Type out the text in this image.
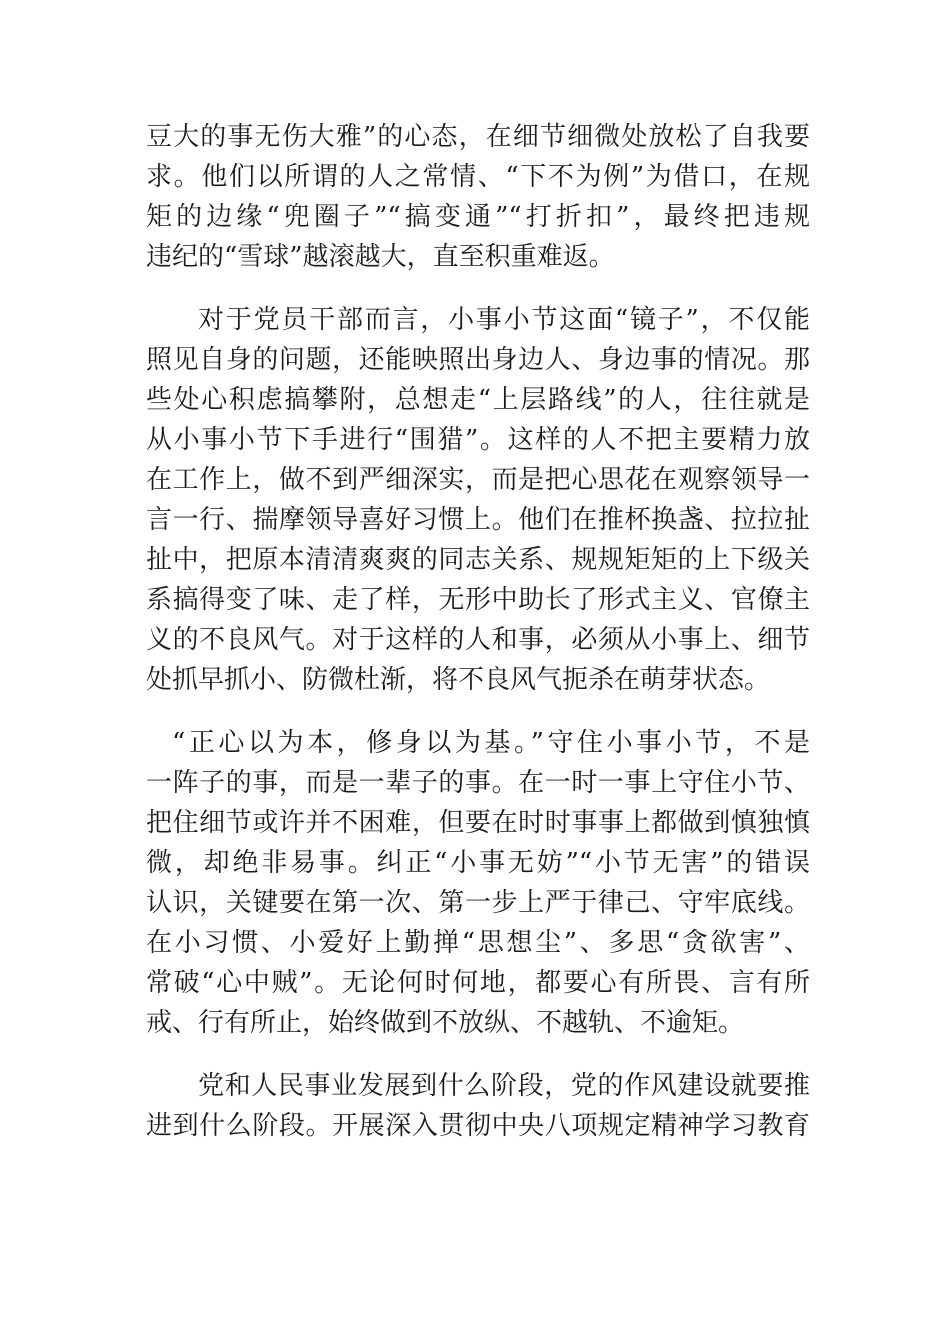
豆大的事无伤大雅”的心态，在细节细微处放松了自我要
求。他们以所谓的人之常情、“下不为例”为借口，在规
矩的边缘“兜圈子”“搞变通”“打折扣”，最终把违规
违纪的“雪球”越滚越大，直至积重难返。
对于党员干部而言，小事小节这面“镜子”，不仅能
照见自身的问题，还能映照出身边人、身边事的情况。那
些处心积虑搞攀附，总想走“上层路线”的人，往往就是
从小事小节下手进行“围猎”。这样的人不把主要精力放
在工作上，做不到严细深实，而是把心思花在观察领导一
言一行、揣摩领导喜好习惯上。他们在推杯换盏、拉拉扯
扯中，把原本清清爽爽的同志关系、规规矩矩的上下级关
系搞得变了味、走了样，无形中助长了形式主义、官僚主
义的不良风气。对于这样的人和事，必须从小事上、细节
处抓早抓小、防微杜渐，将不良风气扼杀在萌芽状态。
“正心以为本，修身以为基。”守住小事小节，不是
一阵子的事，而是一辈子的事。在一时一事上守住小节、
把住细节或许并不困难，但要在时时事事上都做到慎独慎
微，却绝非易事。纠正“小事无妨”“小节无害”的错误
认识，关键要在第一次、第一步上严于律己、守牢底线。
在小习惯、小爱好上勤掸“思想尘”、多思“贪欲害”、
常破“心中贼”。无论何时何地，都要心有所畏、言有所
戒、行有所止，始终做到不放纵、不越轨、不逾矩。
党和人民事业发展到什么阶段，党的作风建设就要推
进到什么阶段。开展深入贯彻中央八项规定精神学习教育
